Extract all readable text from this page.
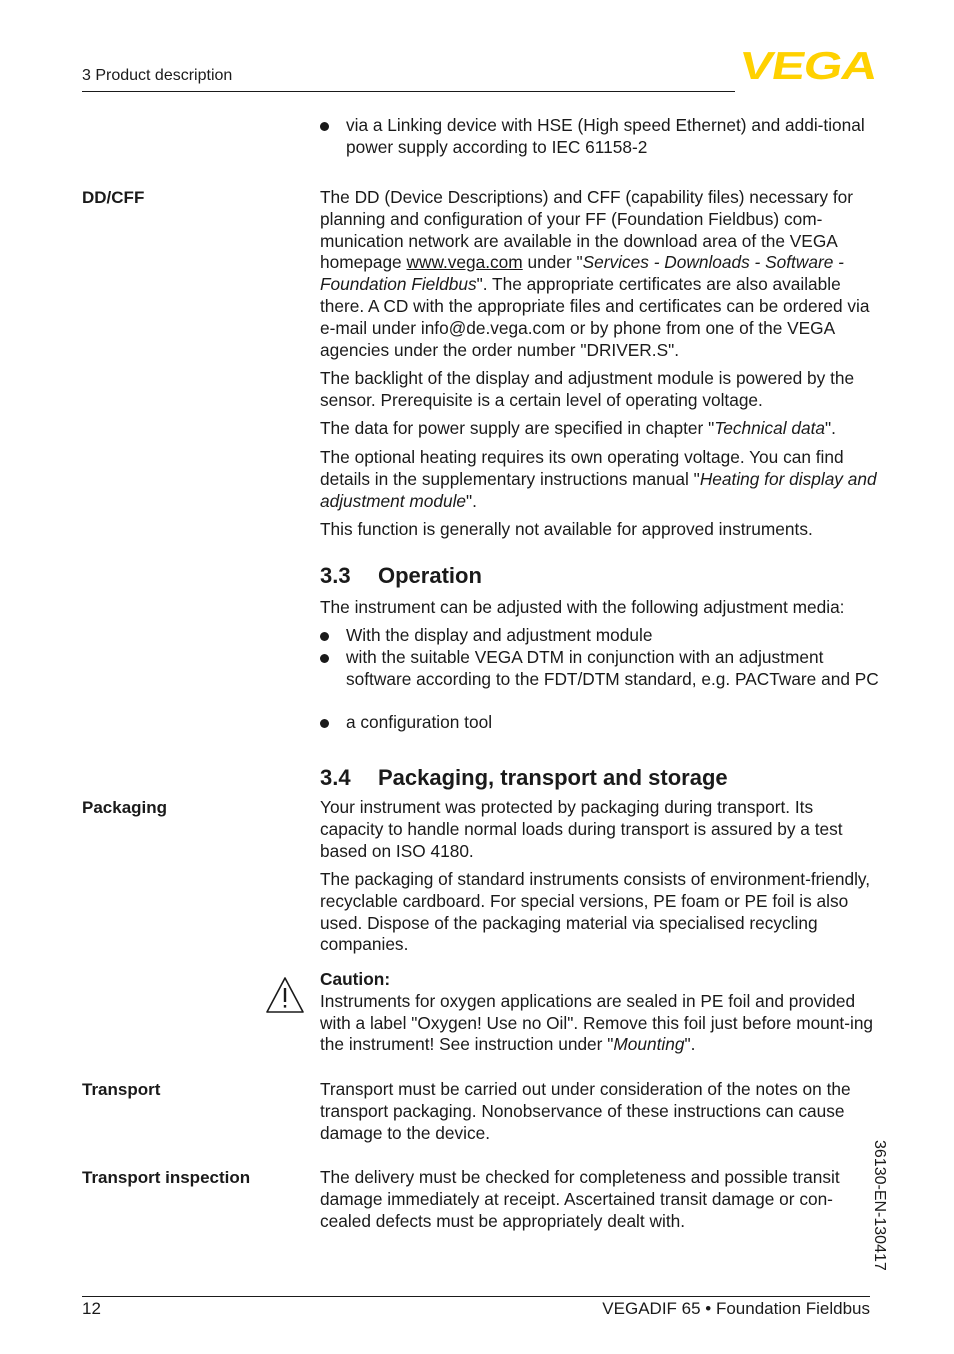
3 Product description	VEGA
via a Linking device with HSE (High speed Ethernet) and addi-tional power supply according to IEC 61158-2
DD/CFF	The DD (Device Descriptions) and CFF (capability files) necessary for planning and configuration of your FF (Foundation Fieldbus) com-munication network are available in the download area of the VEGA homepage www.vega.com under "Services - Downloads - Software - Foundation Fieldbus". The appropriate certificates are also available there. A CD with the appropriate files and certificates can be ordered via e-mail under info@de.vega.com or by phone from one of the VEGA agencies under the order number "DRIVER.S".
The backlight of the display and adjustment module is powered by the sensor. Prerequisite is a certain level of operating voltage.
The data for power supply are specified in chapter "Technical data".
The optional heating requires its own operating voltage. You can find details in the supplementary instructions manual "Heating for display and adjustment module".
This function is generally not available for approved instruments.
3.3 Operation
The instrument can be adjusted with the following adjustment media:
With the display and adjustment module
with the suitable VEGA DTM in conjunction with an adjustment software according to the FDT/DTM standard, e.g. PACTware and PC
a configuration tool
3.4 Packaging, transport and storage
Packaging	Your instrument was protected by packaging during transport. Its capacity to handle normal loads during transport is assured by a test based on ISO 4180.
The packaging of standard instruments consists of environment-friendly, recyclable cardboard. For special versions, PE foam or PE foil is also used. Dispose of the packaging material via specialised recycling companies.
Caution:
Instruments for oxygen applications are sealed in PE foil and provided with a label "Oxygen! Use no Oil". Remove this foil just before mount-ing the instrument! See instruction under "Mounting".
Transport	Transport must be carried out under consideration of the notes on the transport packaging. Nonobservance of these instructions can cause damage to the device.
Transport inspection	The delivery must be checked for completeness and possible transit damage immediately at receipt. Ascertained transit damage or con-cealed defects must be appropriately dealt with.	36130-EN-130417
12	VEGADIF 65 • Foundation Fieldbus
